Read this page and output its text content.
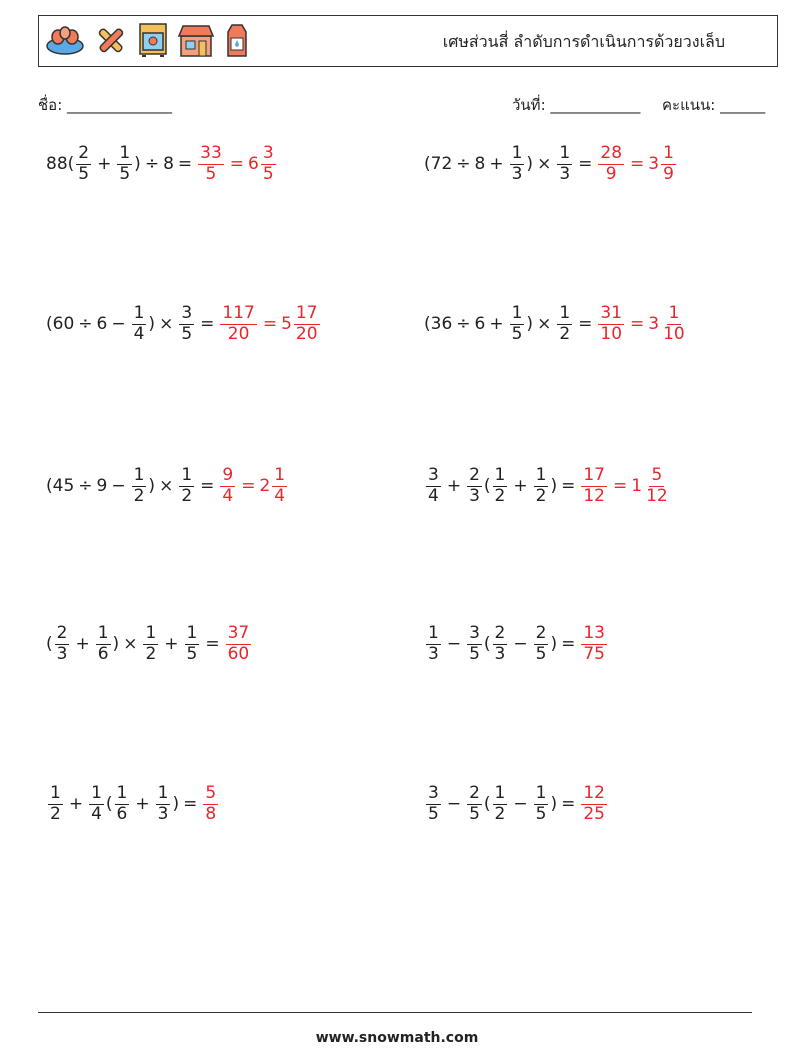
เศษส่วนสี่ ลำดับการดำเนินการด้วยวงเล็บ
ชื่อ: ______________	วันที่: ____________ คะแนน: ______
$88( \frac{2}{5} + \frac{1}{5}$ ) ÷ $8 = \frac{33}{5} = 6 \frac{3}{5}$	($72 \div 8 + \frac{1}{3}$ ) × $\frac{1}{3} = \frac{28}{9} = 3 \frac{1}{9}$
($60 \div 6 - \frac{1}{4}$ ) × $\frac{3}{5} = \frac{117}{20} = 5 \frac{17}{20}$	($36 \div 6 + \frac{1}{5}$ ) × $\frac{1}{2} = \frac{31}{10} = 3 \frac{1}{10}$
($45 \div 9 - \frac{1}{2}$ ) × $\frac{1}{2} = \frac{9}{4} = 2 \frac{1}{4}$	$\frac{3}{4} + \frac{2}{3}$ ( $\frac{1}{2} + \frac{1}{2}$ ) = $\frac{17}{12} = 1 \frac{5}{12}$
( $\frac{2}{3} + \frac{1}{6}$ ) × $\frac{1}{2} + \frac{1}{5} = \frac{37}{60}$	$\frac{1}{3} - \frac{3}{5}$ ( $\frac{2}{3} - \frac{2}{5}$ ) = $\frac{13}{75}$
$\frac{1}{2} + \frac{1}{4}$ ( $\frac{1}{6} + \frac{1}{3}$ ) = $\frac{5}{8}$	$\frac{3}{5} - \frac{2}{5}$ ( $\frac{1}{2} - \frac{1}{5}$ ) = $\frac{12}{25}$
www.snowmath.com
